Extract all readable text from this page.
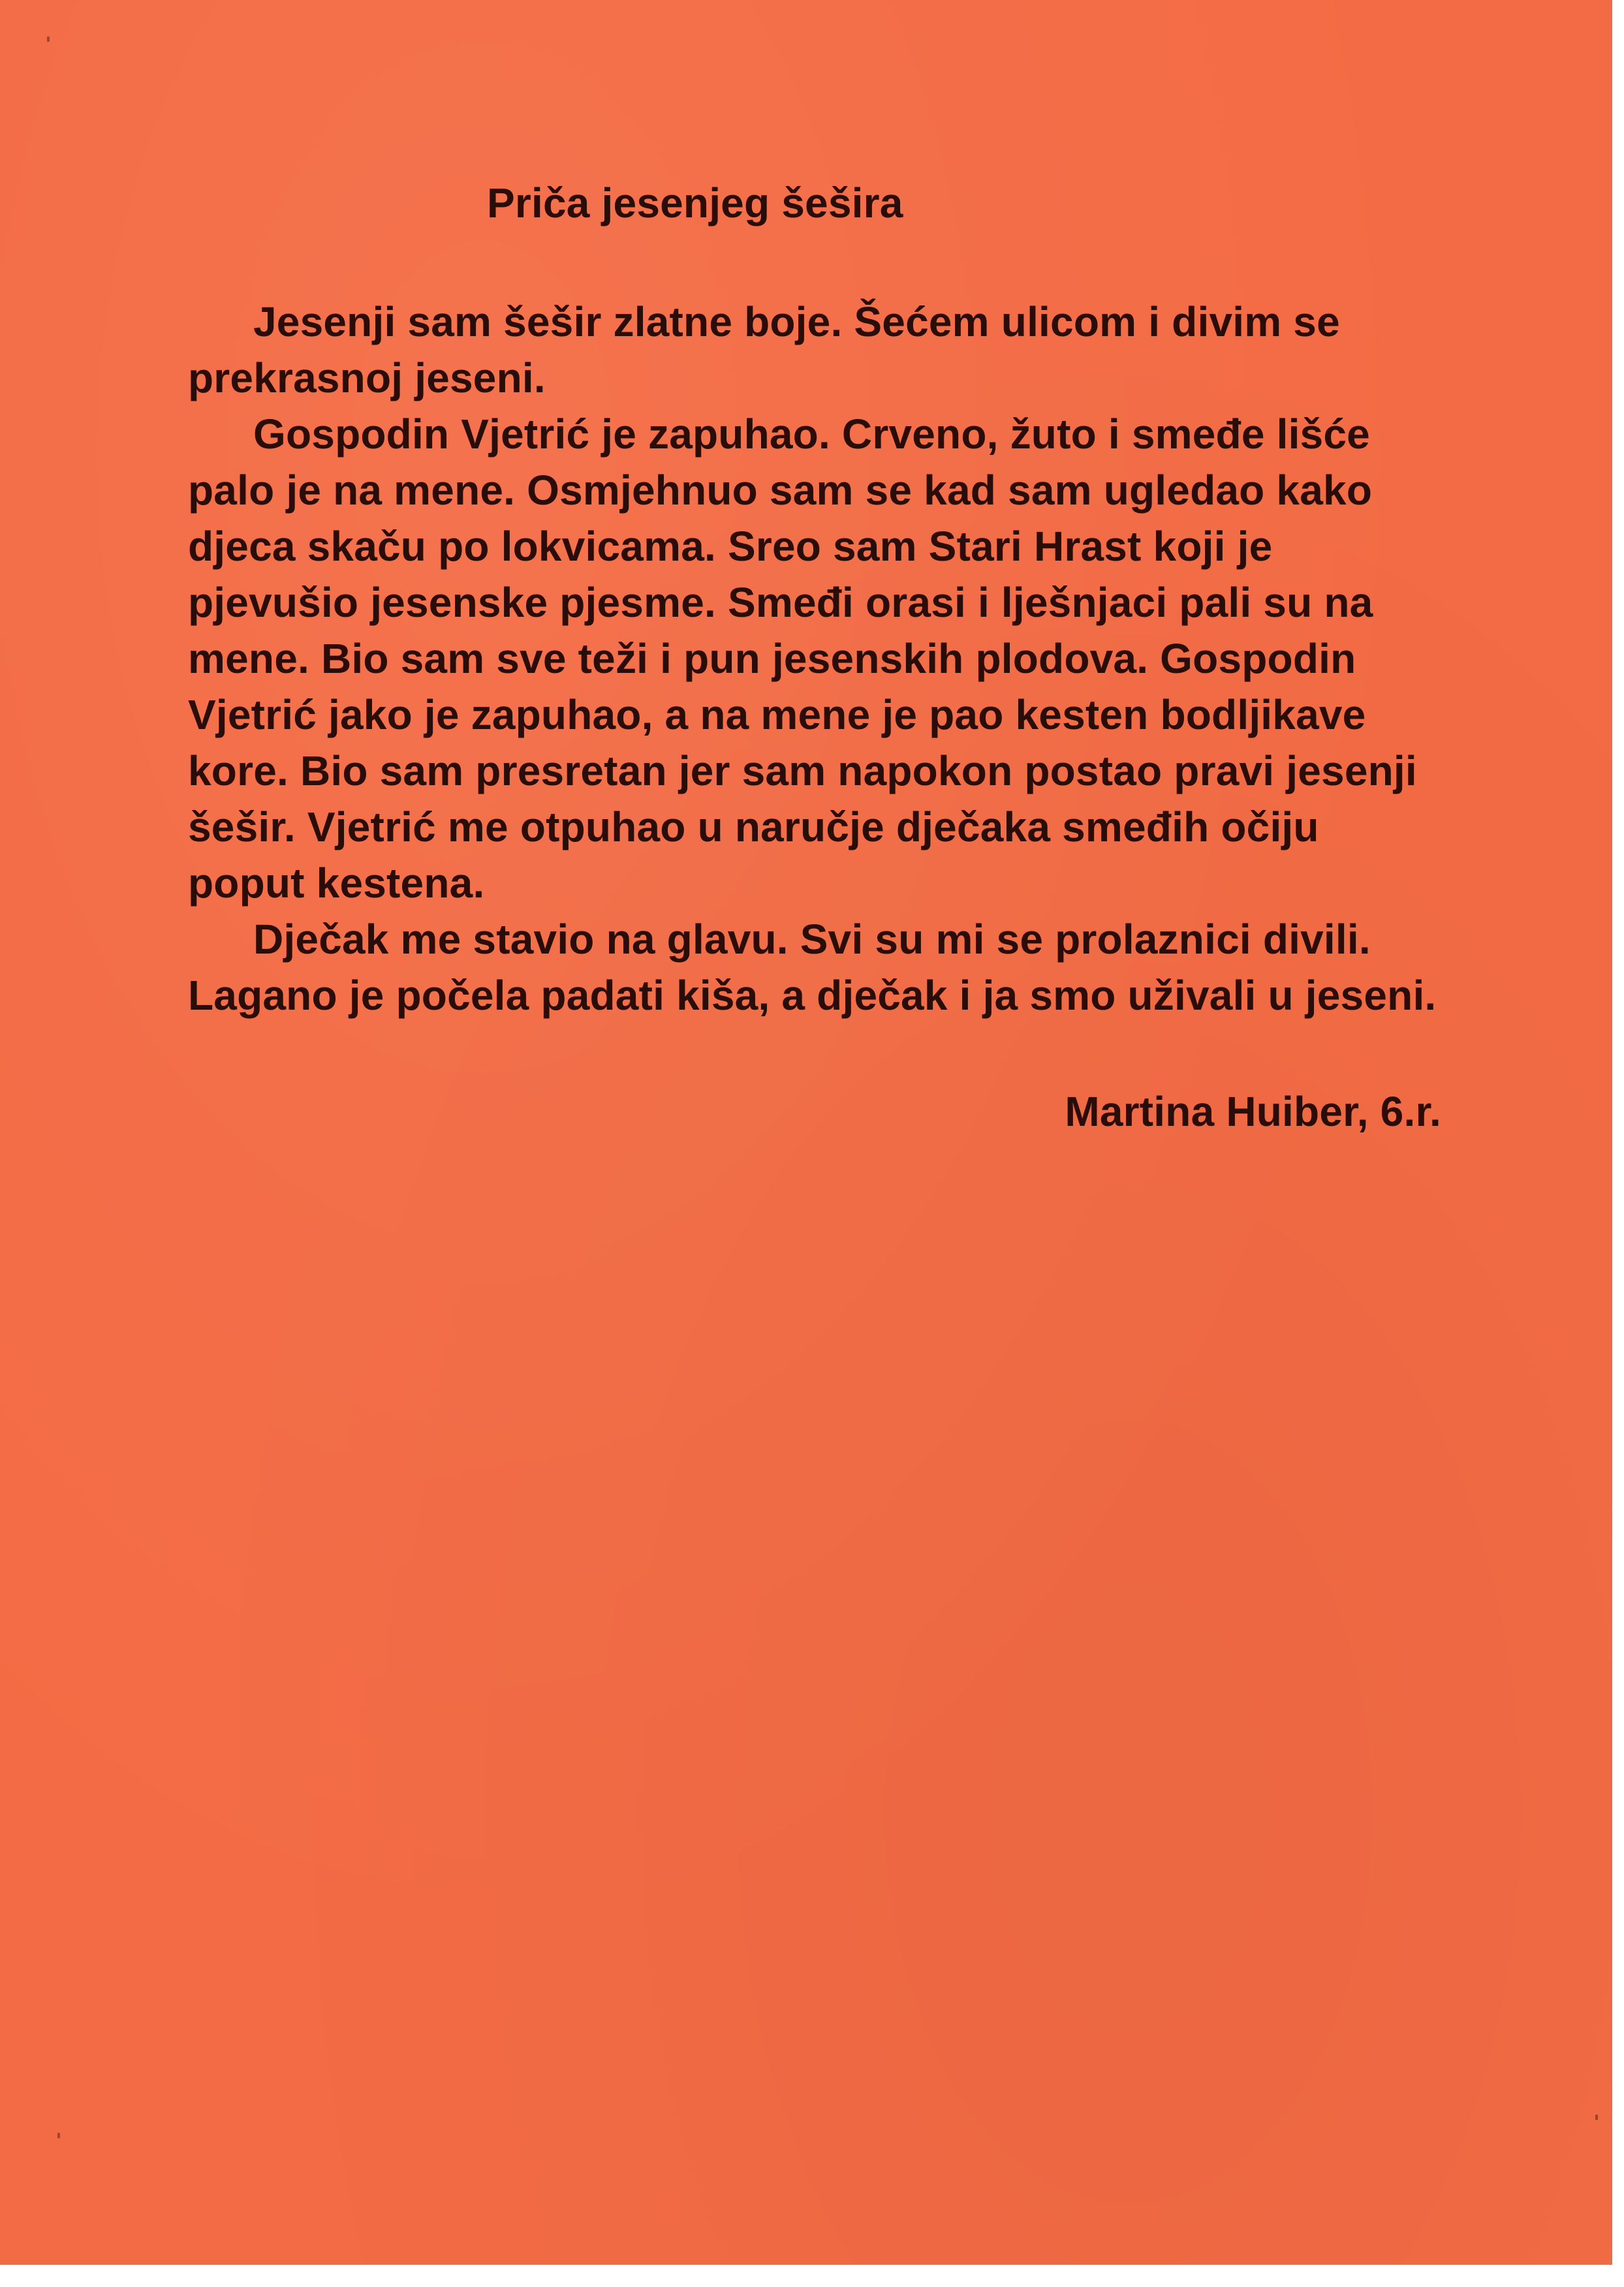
Priča jesenjeg šešira

Jesenji sam šešir zlatne boje. Šećem ulicom i divim se prekrasnoj jeseni.

Gospodin Vjetrić je zapuhao. Crveno, žuto i smeđe lišće palo je na mene. Osmjehnuo sam se kad sam ugledao kako djeca skaču po lokvicama. Sreo sam Stari Hrast koji je pjevušio jesenske pjesme. Smeđi orasi i lješnjaci pali su na mene. Bio sam sve teži i pun jesenskih plodova. Gospodin Vjetrić jako je zapuhao, a na mene je pao kesten bodljikave kore. Bio sam presretan jer sam napokon postao pravi jesenji šešir. Vjetrić me otpuhao u naručje dječaka smeđih očiju poput kestena.

Dječak me stavio na glavu. Svi su mi se prolaznici divili. Lagano je počela padati kiša, a dječak i ja smo uživali u jeseni.

Martina Huiber, 6.r.
